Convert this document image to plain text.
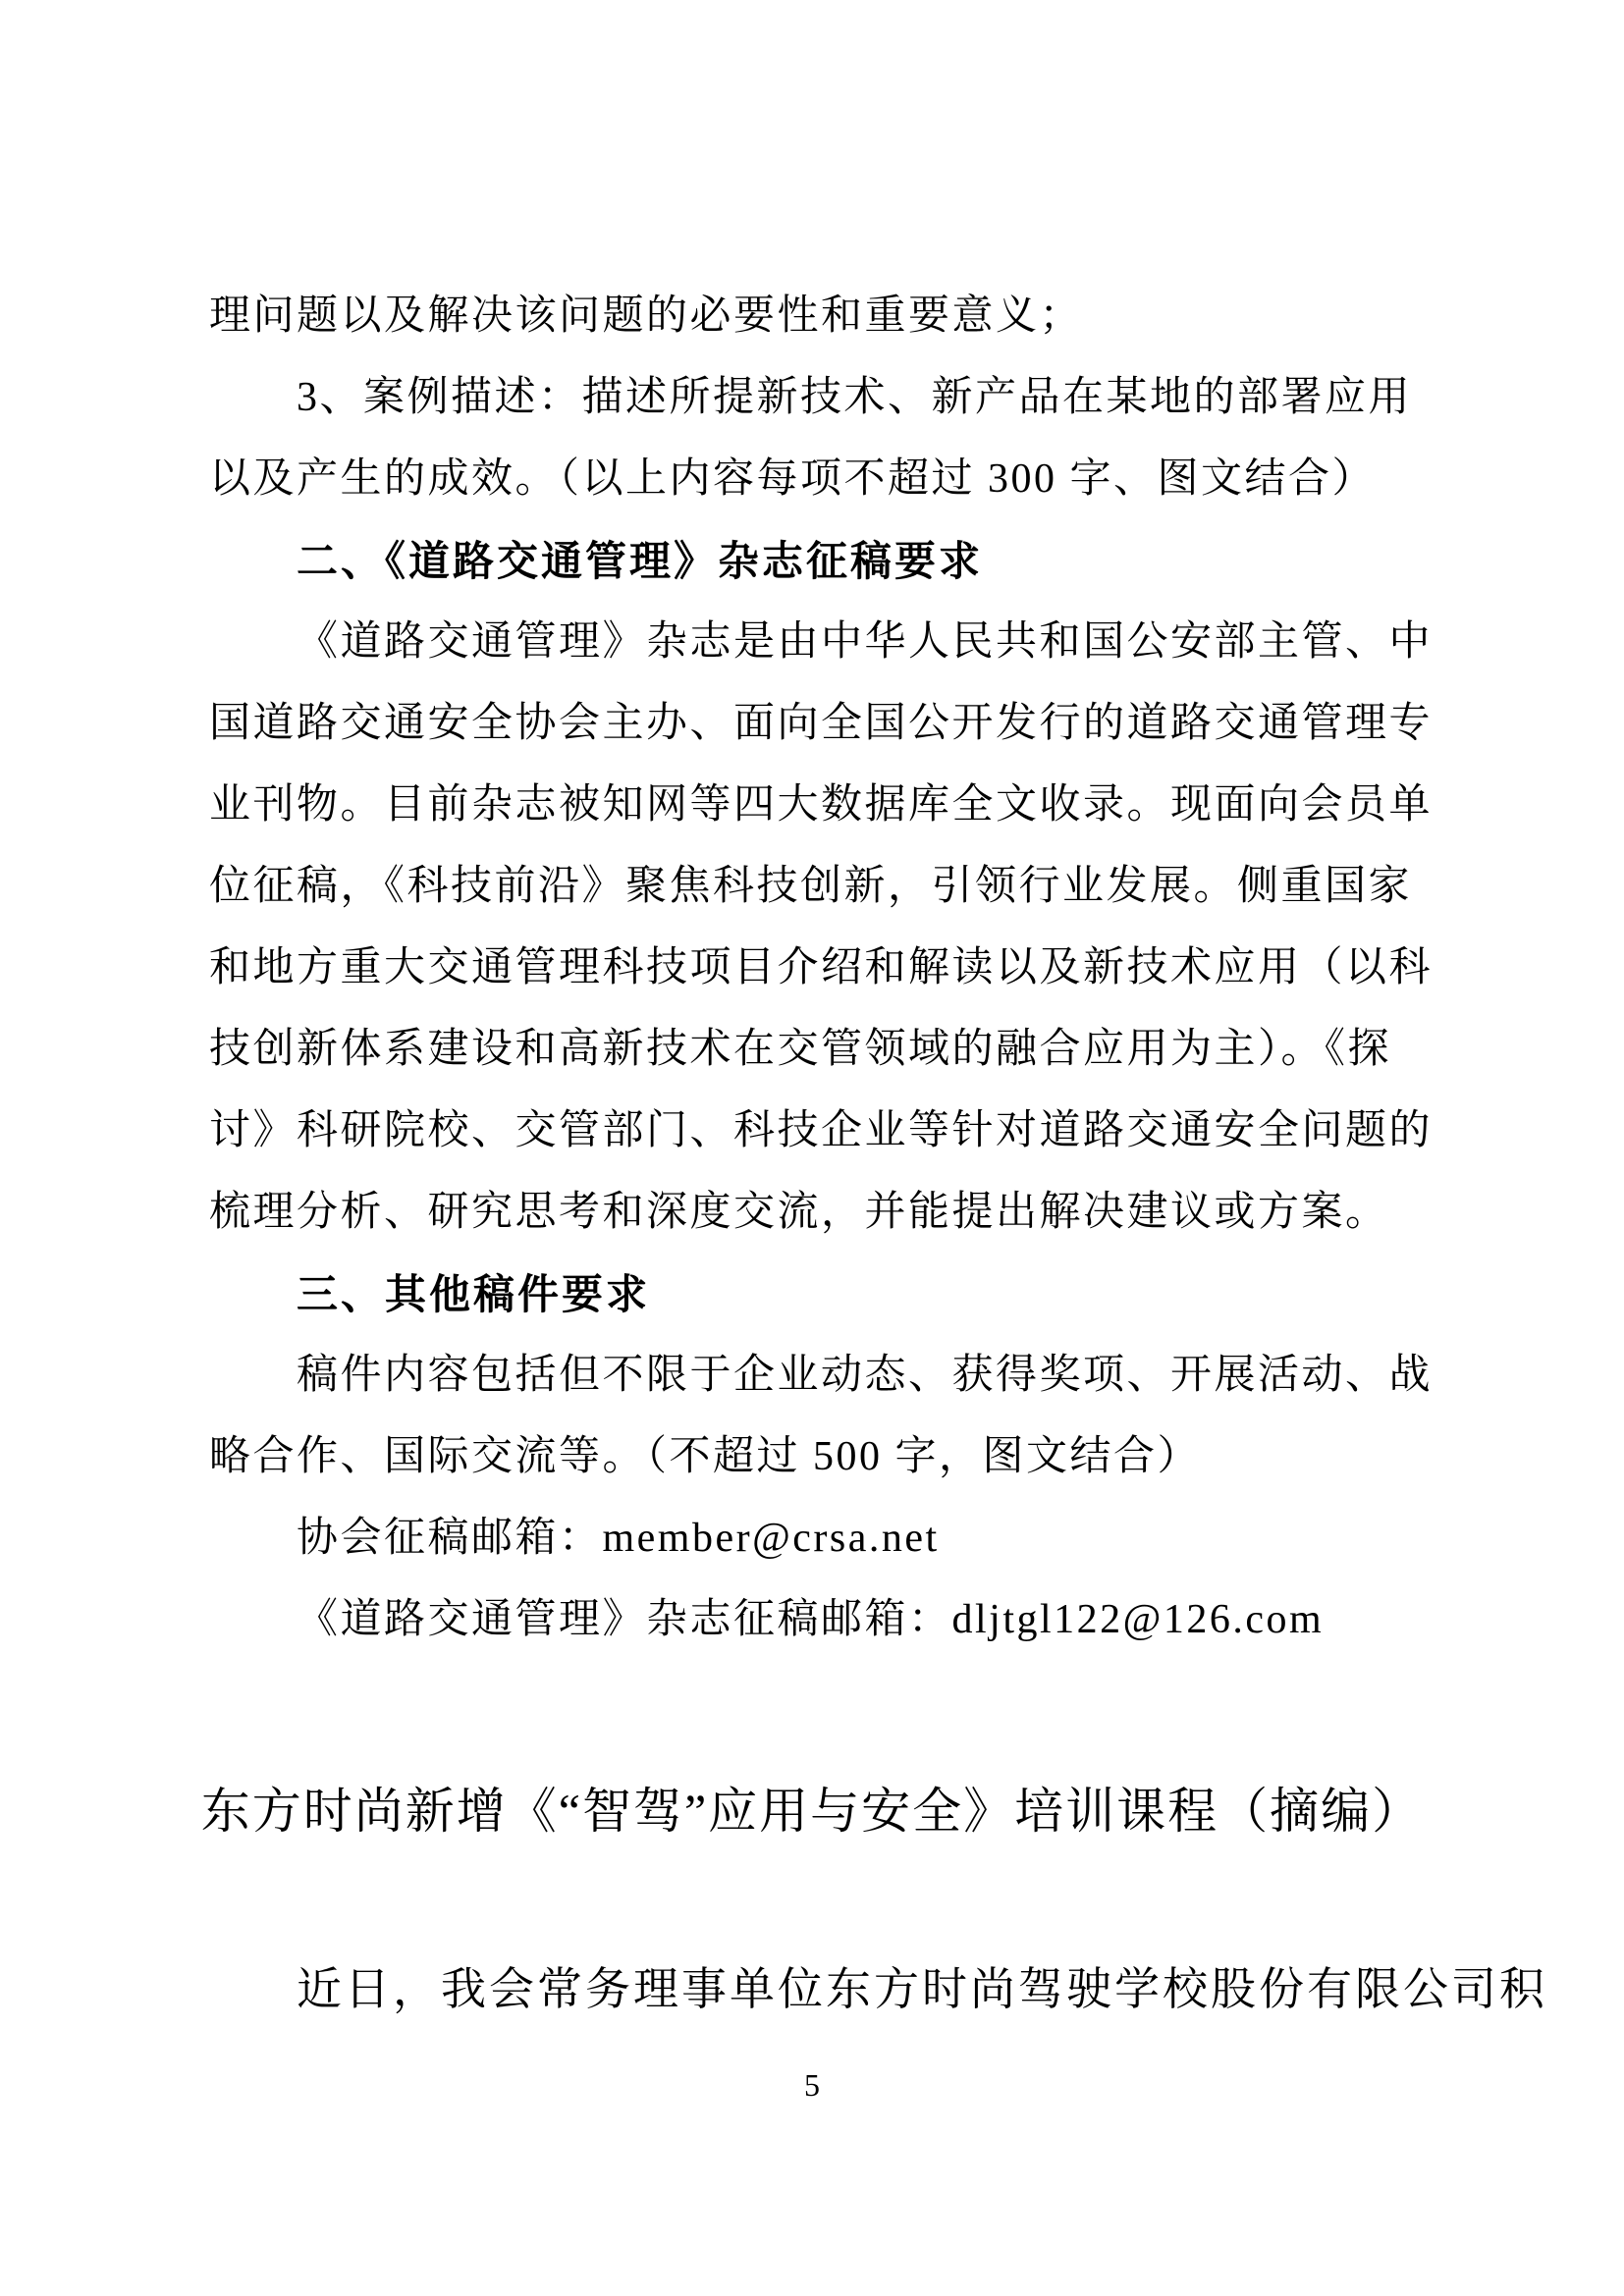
理问题以及解决该问题的必要性和重要意义；

3、案例描述：描述所提新技术、新产品在某地的部署应用

以及产生的成效。（以上内容每项不超过 300 字、图文结合）

二、《道路交通管理》杂志征稿要求

《道路交通管理》杂志是由中华人民共和国公安部主管、中

国道路交通安全协会主办、面向全国公开发行的道路交通管理专

业刊物。目前杂志被知网等四大数据库全文收录。现面向会员单

位征稿，《科技前沿》聚焦科技创新，引领行业发展。侧重国家

和地方重大交通管理科技项目介绍和解读以及新技术应用（以科

技创新体系建设和高新技术在交管领域的融合应用为主）。《探

讨》科研院校、交管部门、科技企业等针对道路交通安全问题的

梳理分析、研究思考和深度交流，并能提出解决建议或方案。

三、其他稿件要求

稿件内容包括但不限于企业动态、获得奖项、开展活动、战

略合作、国际交流等。（不超过 500 字，图文结合）

协会征稿邮箱：member@crsa.net

《道路交通管理》杂志征稿邮箱：dljtgl122@126.com

东方时尚新增《“智驾”应用与安全》培训课程（摘编）

近日，我会常务理事单位东方时尚驾驶学校股份有限公司积

5
